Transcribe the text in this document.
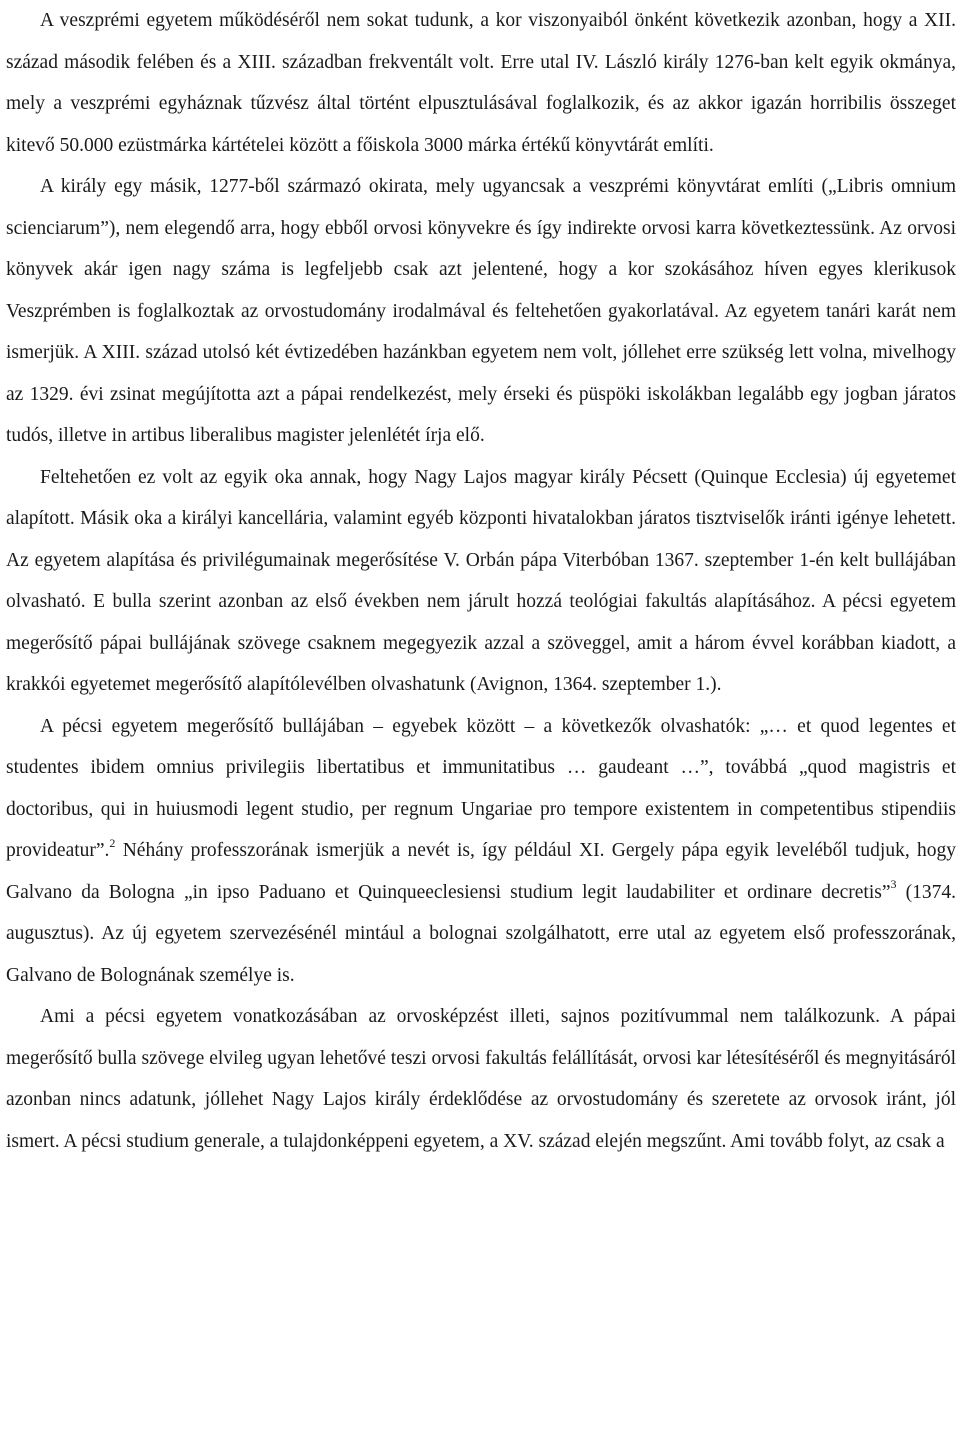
A veszprémi egyetem működéséről nem sokat tudunk, a kor viszonyaiból önként következik azonban, hogy a XII. század második felében és a XIII. században frekventált volt. Erre utal IV. László király 1276-ban kelt egyik okmánya, mely a veszprémi egyháznak tűzvész által történt elpusztulásával foglalkozik, és az akkor igazán horribilis összeget kitevő 50.000 ezüstmárka kártételei között a főiskola 3000 márka értékű könyvtárát említi.

A király egy másik, 1277-ből származó okirata, mely ugyancsak a veszprémi könyvtárat említi („Libris omnium scienciarum”), nem elegendő arra, hogy ebből orvosi könyvekre és így indirekte orvosi karra következtessünk. Az orvosi könyvek akár igen nagy száma is legfeljebb csak azt jelentené, hogy a kor szokásához híven egyes klerikusok Veszprémben is foglalkoztak az orvostudomány irodalmával és feltehetően gyakorlatával. Az egyetem tanári karát nem ismerjük. A XIII. század utolsó két évtizedében hazánkban egyetem nem volt, jóllehet erre szükség lett volna, mivelhogy az 1329. évi zsinat megújította azt a pápai rendelkezést, mely érseki és püspöki iskolákban legalább egy jogban járatos tudós, illetve in artibus liberalibus magister jelenlétét írja elő.

Feltehetően ez volt az egyik oka annak, hogy Nagy Lajos magyar király Pécsett (Quinque Ecclesia) új egyetemet alapított. Másik oka a királyi kancellária, valamint egyéb központi hivatalokban járatos tisztviselők iránti igénye lehetett. Az egyetem alapítása és privilégumainak megerősítése V. Orbán pápa Viterbóban 1367. szeptember 1-én kelt bullájában olvasható. E bulla szerint azonban az első években nem járult hozzá teológiai fakultás alapításához. A pécsi egyetem megerősítő pápai bullájának szövege csaknem megegyezik azzal a szöveggel, amit a három évvel korábban kiadott, a krakkói egyetemet megerősítő alapítólevélben olvashatunk (Avignon, 1364. szeptember 1.).

A pécsi egyetem megerősítő bullájában – egyebek között – a következők olvashatók: „… et quod legentes et studentes ibidem omnius privilegiis libertatibus et immunitatibus … gaudeant …”, továbbá „quod magistris et doctoribus, qui in huiusmodi legent studio, per regnum Ungariae pro tempore existentem in competentibus stipendiis provideatur”.$^2$ Néhány professzorának ismerjük a nevét is, így például XI. Gergely pápa egyik leveléből tudjuk, hogy Galvano da Bologna „in ipso Paduano et Quinqueeclesiensi studium legit laudabiliter et ordinare decretis”$^3$ (1374. augusztus). Az új egyetem szervezésénél mintául a bolognai szolgálhatott, erre utal az egyetem első professzorának, Galvano de Bolognának személye is.

Ami a pécsi egyetem vonatkozásában az orvosképzést illeti, sajnos pozitívummal nem találkozunk. A pápai megerősítő bulla szövege elvileg ugyan lehetővé teszi orvosi fakultás felállítását, orvosi kar létesítéséről és megnyitásáról azonban nincs adatunk, jóllehet Nagy Lajos király érdeklődése az orvostudomány és szeretete az orvosok iránt, jól ismert. A pécsi studium generale, a tulajdonképpeni egyetem, a XV. század elején megszűnt. Ami tovább folyt, az csak a
